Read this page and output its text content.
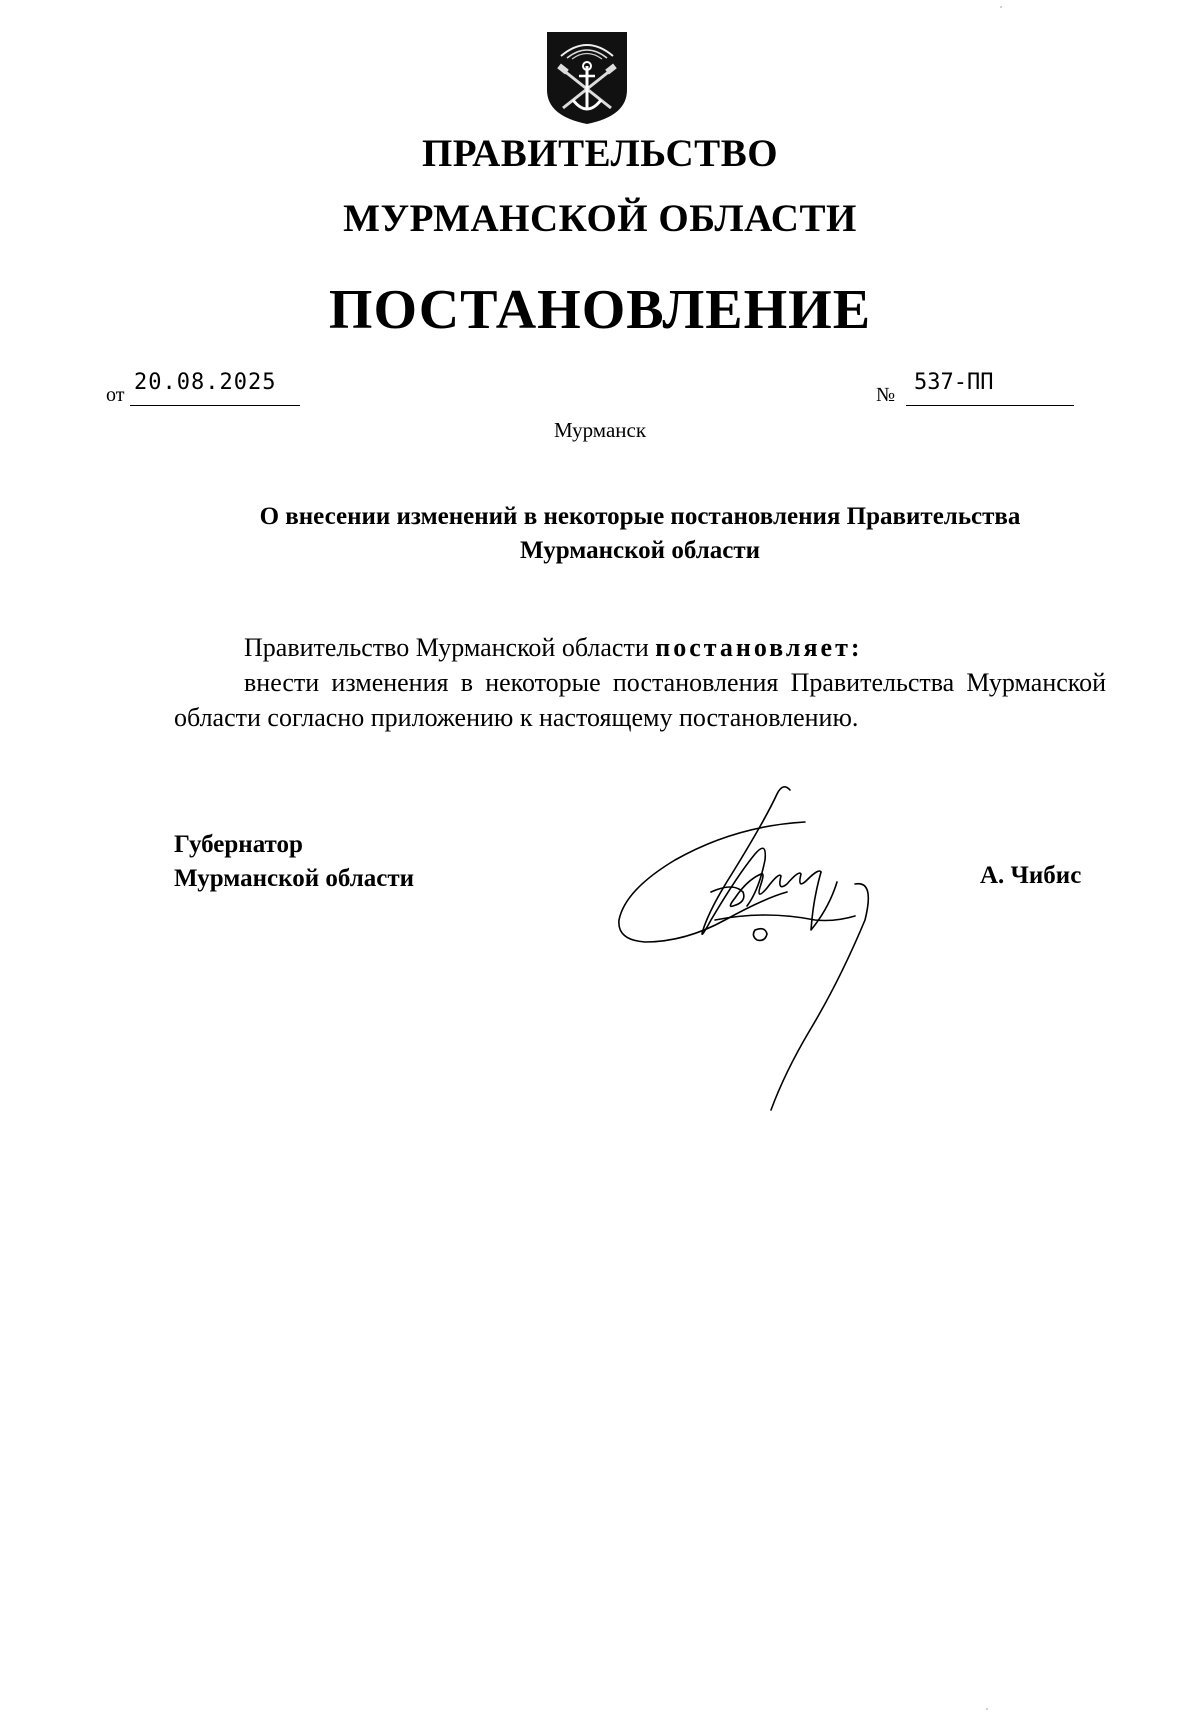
ПРАВИТЕЛЬСТВО
МУРМАНСКОЙ ОБЛАСТИ
ПОСТАНОВЛЕНИЕ
от 20.08.2025	№ 537-ПП
Мурманск
О внесении изменений в некоторые постановления Правительства
Мурманской области

Правительство Мурманской области постановляет:

внести изменения в некоторые постановления Правительства Мурманской области согласно приложению к настоящему постановлению.

Губернатор
Мурманской области	А. Чибис
